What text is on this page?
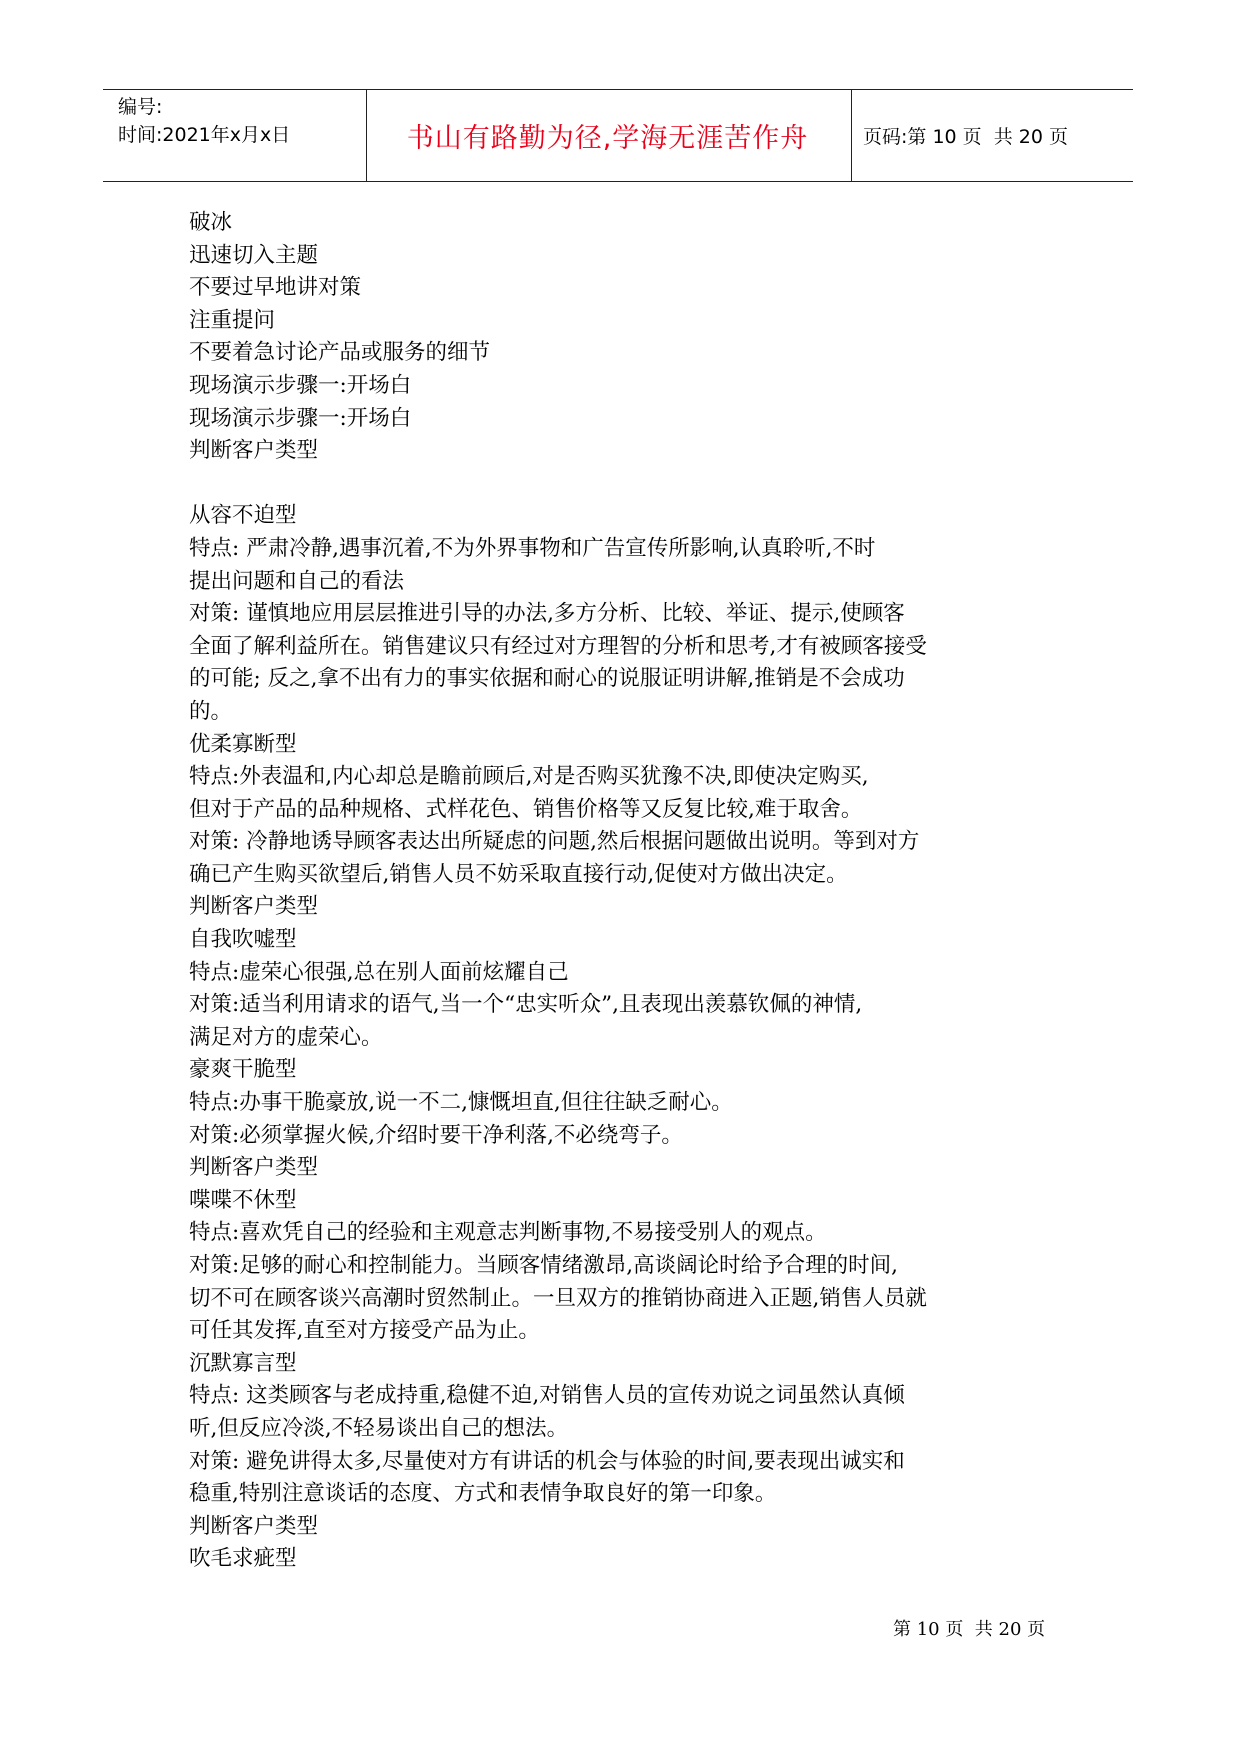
编号:
时间:2021年x月x日	书山有路勤为径,学海无涯苦作舟	页码:第 10 页  共 20 页

破冰

迅速切入主题

不要过早地讲对策

注重提问

不要着急讨论产品或服务的细节

现场演示步骤一:开场白

现场演示步骤一:开场白

判断客户类型

从容不迫型

特点: 严肃冷静,遇事沉着,不为外界事物和广告宣传所影响,认真聆听,不时

提出问题和自己的看法

对策: 谨慎地应用层层推进引导的办法,多方分析、比较、举证、提示,使顾客

全面了解利益所在。销售建议只有经过对方理智的分析和思考,才有被顾客接受

的可能; 反之,拿不出有力的事实依据和耐心的说服证明讲解,推销是不会成功

的。

优柔寡断型

特点:外表温和,内心却总是瞻前顾后,对是否购买犹豫不决,即使决定购买,

但对于产品的品种规格、式样花色、销售价格等又反复比较,难于取舍。

对策: 冷静地诱导顾客表达出所疑虑的问题,然后根据问题做出说明。等到对方

确已产生购买欲望后,销售人员不妨采取直接行动,促使对方做出决定。

判断客户类型

自我吹嘘型

特点:虚荣心很强,总在别人面前炫耀自己

对策:适当利用请求的语气,当一个“忠实听众”,且表现出羡慕钦佩的神情,

满足对方的虚荣心。

豪爽干脆型

特点:办事干脆豪放,说一不二,慷慨坦直,但往往缺乏耐心。

对策:必须掌握火候,介绍时要干净利落,不必绕弯子。

判断客户类型

喋喋不休型

特点:喜欢凭自己的经验和主观意志判断事物,不易接受别人的观点。

对策:足够的耐心和控制能力。当顾客情绪激昂,高谈阔论时给予合理的时间,

切不可在顾客谈兴高潮时贸然制止。一旦双方的推销协商进入正题,销售人员就

可任其发挥,直至对方接受产品为止。

沉默寡言型

特点: 这类顾客与老成持重,稳健不迫,对销售人员的宣传劝说之词虽然认真倾

听,但反应冷淡,不轻易谈出自己的想法。

对策: 避免讲得太多,尽量使对方有讲话的机会与体验的时间,要表现出诚实和

稳重,特别注意谈话的态度、方式和表情争取良好的第一印象。

判断客户类型

吹毛求疵型

第 10 页  共 20 页
